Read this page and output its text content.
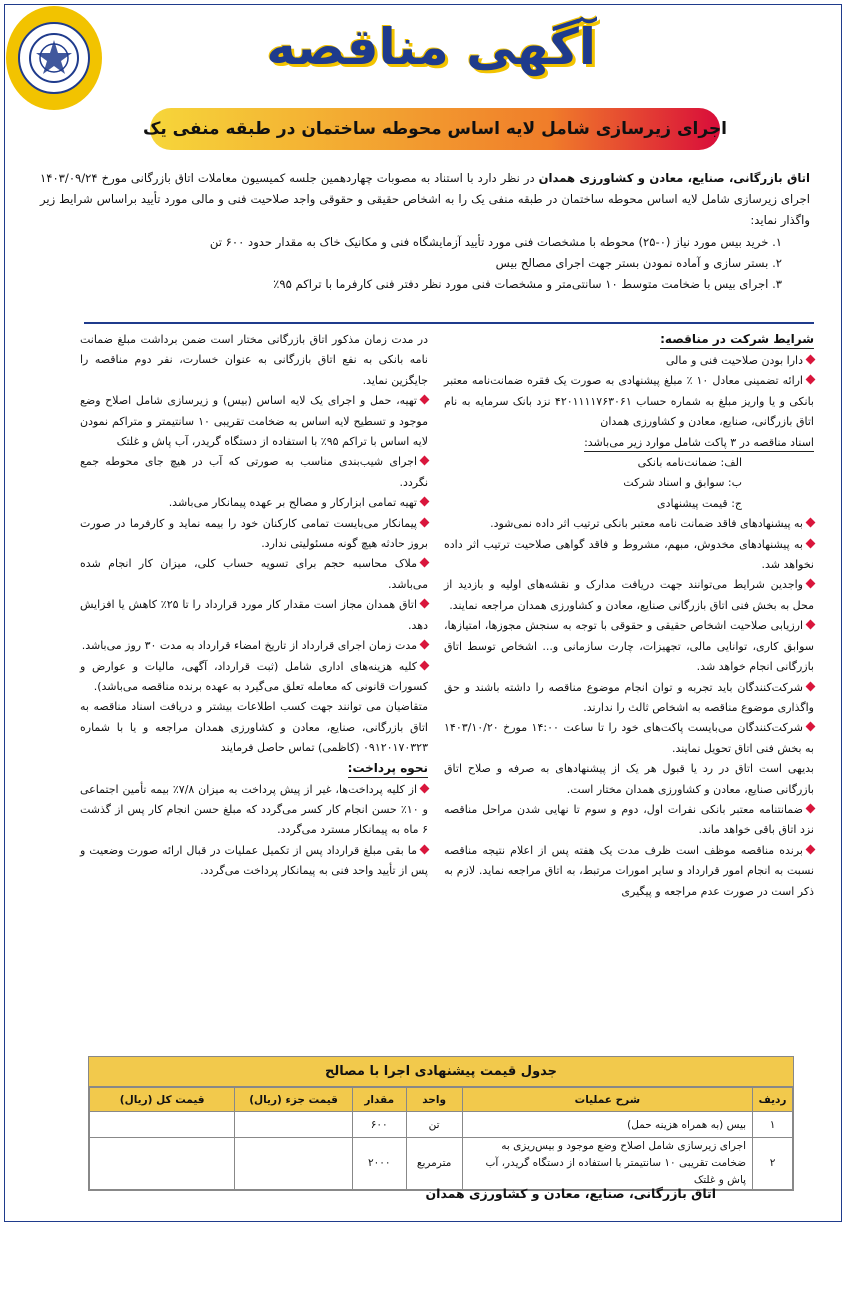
آگهی مناقصه
اجرای زیرسازی شامل لایه اساس محوطه ساختمان در طبقه منفی یک
اتاق بازرگانی، صنایع، معادن و کشاورزی همدان در نظر دارد با استناد به مصوبات چهاردهمین جلسه کمیسیون معاملات اتاق بازرگانی مورخ ۱۴۰۳/۰۹/۲۴ اجرای زیرسازی شامل لایه اساس محوطه ساختمان در طبقه منفی یک را به اشخاص حقیقی و حقوقی واجد صلاحیت فنی و مالی مورد تأیید براساس شرایط زیر واگذار نماید:
۱. خرید بیس مورد نیاز (۰-۲۵) محوطه با مشخصات فنی مورد تأیید آزمایشگاه فنی و مکانیک خاک به مقدار حدود ۶۰۰ تن
۲. بستر سازی و آماده نمودن بستر جهت اجرای مصالح بیس
۳. اجرای بیس با ضخامت متوسط ۱۰ سانتی‌متر و مشخصات فنی مورد نظر دفتر فنی کارفرما با تراکم ۹۵٪
شرایط شرکت در مناقصه:
دارا بودن صلاحیت فنی و مالی
ارائه تضمینی معادل ۱۰ ٪ مبلغ پیشنهادی به صورت یک فقره ضمانت‌نامه معتبر بانکی و یا واریز مبلغ به شماره حساب ۴۲۰۱۱۱۱۷۶۳۰۶۱ نزد بانک سرمایه به نام اتاق بازرگانی، صنایع، معادن و کشاورزی همدان
اسناد مناقصه در ۳ پاکت شامل موارد زیر می‌باشد:
الف: ضمانت‌نامه بانکی
ب: سوابق و اسناد شرکت
ج: قیمت پیشنهادی
به پیشنهادهای فاقد ضمانت نامه معتبر بانکی ترتیب اثر داده نمی‌شود.
به پیشنهادهای مخدوش، مبهم، مشروط و فاقد گواهی صلاحیت ترتیب اثر داده نخواهد شد.
واجدین شرایط می‌توانند جهت دریافت مدارک و نقشه‌های اولیه و بازدید از محل به بخش فنی اتاق بازرگانی صنایع، معادن و کشاورزی همدان مراجعه نمایند.
ارزیابی صلاحیت اشخاص حقیقی و حقوقی با توجه به سنجش مجوزها، امتیازها، سوابق کاری، توانایی مالی، تجهیزات، چارت سازمانی و... اشخاص توسط اتاق بازرگانی انجام خواهد شد.
شرکت‌کنندگان باید تجربه و توان انجام موضوع مناقصه را داشته باشند و حق واگذاری موضوع مناقصه به اشخاص ثالث را ندارند.
شرکت‌کنندگان می‌بایست پاکت‌های خود را تا ساعت ۱۴:۰۰ مورخ ۱۴۰۳/۱۰/۲۰ به بخش فنی اتاق تحویل نمایند.
بدیهی است اتاق در رد یا قبول هر یک از پیشنهادهای به صرفه و صلاح اتاق بازرگانی صنایع، معادن و کشاورزی همدان مختار است.
ضمانتنامه معتبر بانکی نفرات اول، دوم و سوم تا نهایی شدن مراحل مناقصه نزد اتاق باقی خواهد ماند.
برنده مناقصه موظف است ظرف مدت یک هفته پس از اعلام نتیجه مناقصه نسبت به انجام امور قرارداد و سایر امورات مرتبط، به اتاق مراجعه نماید. لازم به ذکر است در صورت عدم مراجعه و پیگیری
در مدت زمان مذکور اتاق بازرگانی مختار است ضمن برداشت مبلغ ضمانت نامه بانکی به نفع اتاق بازرگانی به عنوان خسارت، نفر دوم مناقصه را جایگزین نماید.
تهیه، حمل و اجرای یک لایه اساس (بیس) و زیرسازی شامل اصلاح وضع موجود و تسطیح لایه اساس به ضخامت تقریبی ۱۰ سانتیمتر و متراکم نمودن لایه اساس با تراکم ۹۵٪ با استفاده از دستگاه گریدر، آب پاش و غلتک
اجرای شیب‌بندی مناسب به صورتی که آب در هیچ جای محوطه جمع نگردد.
تهیه تمامی ابزارکار و مصالح بر عهده پیمانکار می‌باشد.
پیمانکار می‌بایست تمامی کارکنان خود را بیمه نماید و کارفرما در صورت بروز حادثه هیچ گونه مسئولیتی ندارد.
ملاک محاسبه حجم برای تسویه حساب کلی، میزان کار انجام شده می‌باشد.
اتاق همدان مجاز است مقدار کار مورد قرارداد را تا ۲۵٪ کاهش یا افزایش دهد.
مدت زمان اجرای قرارداد از تاریخ امضاء قرارداد به مدت ۳۰ روز می‌باشد.
کلیه هزینه‌های اداری شامل (ثبت قرارداد، آگهی، مالیات و عوارض و کسورات قانونی که معامله تعلق می‌گیرد به عهده برنده مناقصه می‌باشد).
متقاضیان می توانند جهت کسب اطلاعات بیشتر و دریافت اسناد مناقصه به اتاق بازرگانی، صنایع، معادن و کشاورزی همدان مراجعه و یا با شماره ۰۹۱۲۰۱۷۰۳۲۳ (کاظمی) تماس حاصل فرمایند
نحوه پرداخت:
از کلیه پرداخت‌ها، غیر از پیش پرداخت به میزان ۷/۸٪ بیمه تأمین اجتماعی و ۱۰٪ حسن انجام کار کسر می‌گردد که مبلغ حسن انجام کار پس از گذشت ۶ ماه به پیمانکار مسترد می‌گردد.
ما بقی مبلغ قرارداد پس از تکمیل عملیات در قبال ارائه صورت وضعیت و پس از تأیید واحد فنی به پیمانکار پرداخت می‌گردد.
جدول قیمت پیشنهادی اجرا با مصالح
ردیف	شرح عملیات	واحد	مقدار	قیمت جزء (ریال)	قیمت کل (ریال)
۱	بیس (به همراه هزینه حمل)	تن	۶۰۰		
۲	اجرای زیرسازی شامل اصلاح وضع موجود و بیس‌ریزی به ضخامت تقریبی ۱۰ سانتیمتر با استفاده از دستگاه گریدر، آب پاش و غلتک	مترمربع	۲۰۰۰		
اتاق بازرگانی، صنایع، معادن و کشاورزی همدان
